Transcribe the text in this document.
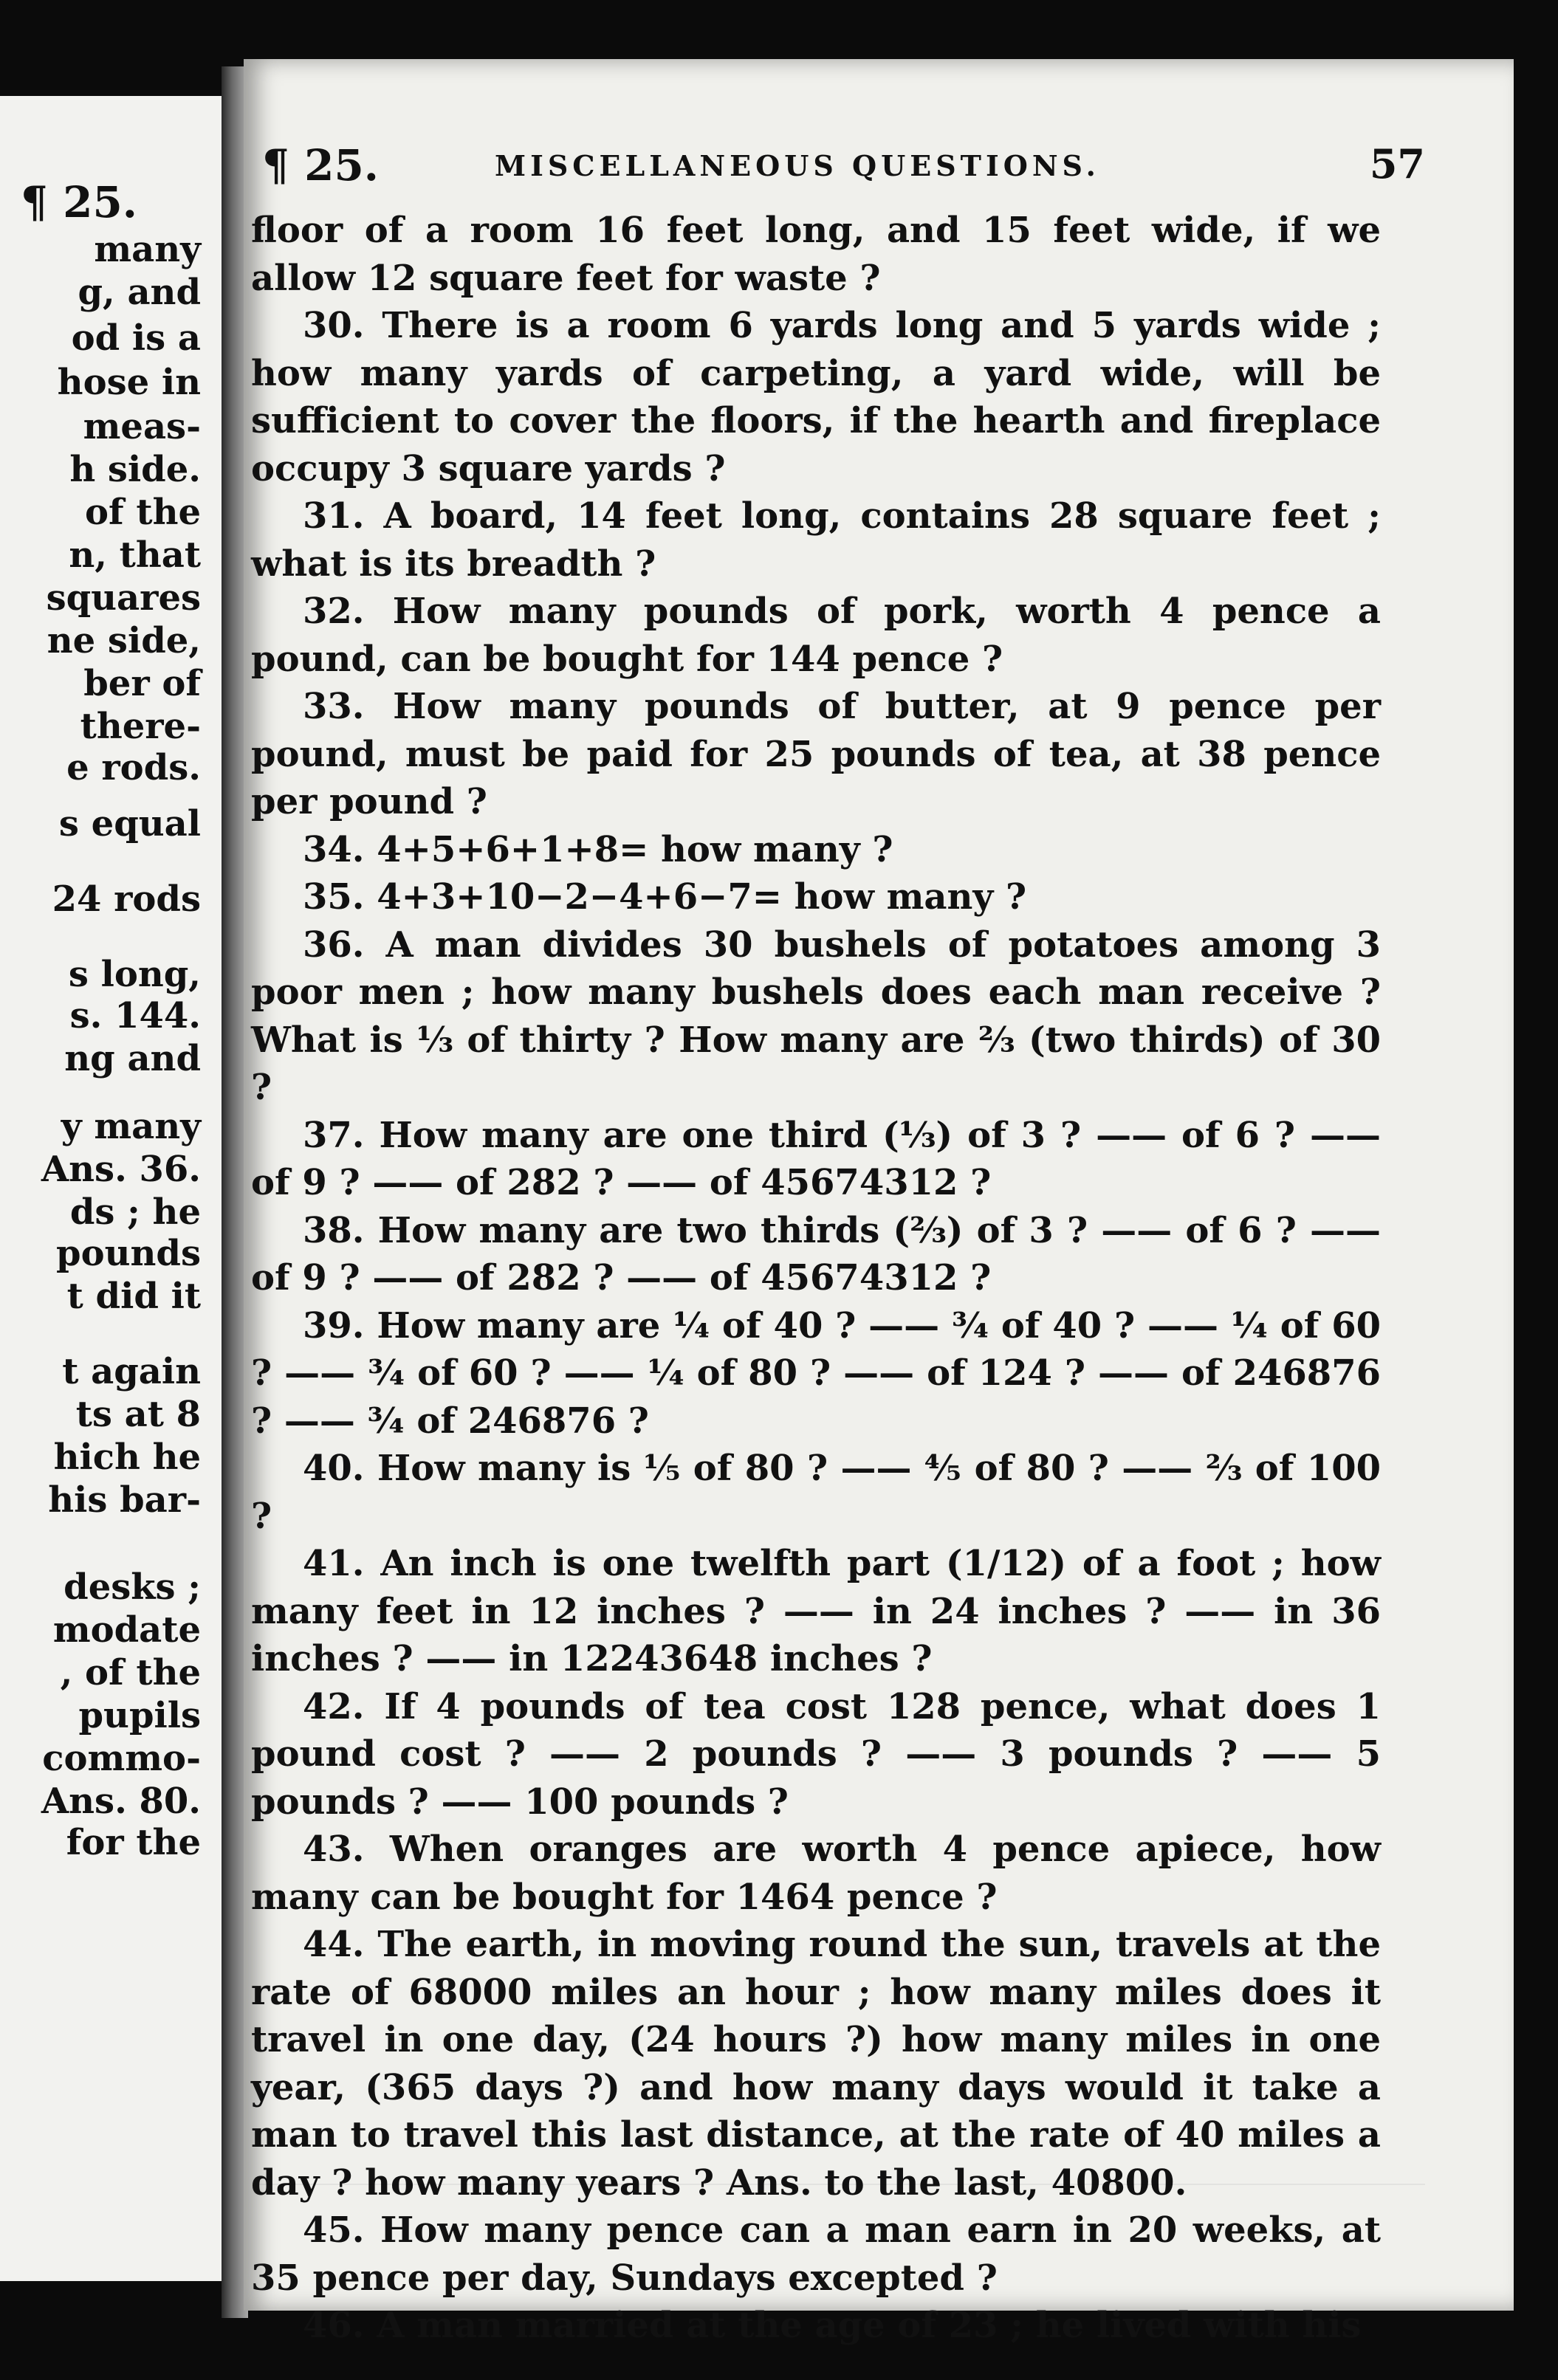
¶ 25.
many
g, and
od is a
hose in
meas-
h side.
of the
n, that
squares
ne side,
ber of
there-
e rods.
s equal
24 rods
s long,
s. 144.
ng and
y many
Ans. 36.
ds ; he
pounds
t did it
t again
ts at 8
hich he
his bar-
desks ;
modate
, of the
pupils
commo-
Ans. 80.
for the
¶ 25.	MISCELLANEOUS QUESTIONS.	57

floor of a room 16 feet long, and 15 feet wide, if we allow 12 square feet for waste ?

30. There is a room 6 yards long and 5 yards wide ; how many yards of carpeting, a yard wide, will be sufficient to cover the floors, if the hearth and fireplace occupy 3 square yards ?

31. A board, 14 feet long, contains 28 square feet ; what is its breadth ?

32. How many pounds of pork, worth 4 pence a pound, can be bought for 144 pence ?

33. How many pounds of butter, at 9 pence per pound, must be paid for 25 pounds of tea, at 38 pence per pound ?

34. 4+5+6+1+8= how many ?

35. 4+3+10−2−4+6−7= how many ?

36. A man divides 30 bushels of potatoes among 3 poor men ; how many bushels does each man receive ? What is ⅓ of thirty ? How many are ⅔ (two thirds) of 30 ?

37. How many are one third (⅓) of 3 ? —— of 6 ? —— of 9 ? —— of 282 ? —— of 45674312 ?

38. How many are two thirds (⅔) of 3 ? —— of 6 ? —— of 9 ? —— of 282 ? —— of 45674312 ?

39. How many are ¼ of 40 ? —— ¾ of 40 ? —— ¼ of 60 ? —— ¾ of 60 ? —— ¼ of 80 ? —— of 124 ? —— of 246876 ? —— ¾ of 246876 ?

40. How many is ⅕ of 80 ? —— ⅘ of 80 ? —— ⅔ of 100 ?

41. An inch is one twelfth part (1/12) of a foot ; how many feet in 12 inches ? —— in 24 inches ? —— in 36 inches ? —— in 12243648 inches ?

42. If 4 pounds of tea cost 128 pence, what does 1 pound cost ? —— 2 pounds ? —— 3 pounds ? —— 5 pounds ? —— 100 pounds ?

43. When oranges are worth 4 pence apiece, how many can be bought for 1464 pence ?

44. The earth, in moving round the sun, travels at the rate of 68000 miles an hour ; how many miles does it travel in one day, (24 hours ?) how many miles in one year, (365 days ?) and how many days would it take a man to travel this last distance, at the rate of 40 miles a day ? how many years ? Ans. to the last, 40800.

45. How many pence can a man earn in 20 weeks, at 35 pence per day, Sundays excepted ?

46. A man married at the age of 23 ; he lived with his
